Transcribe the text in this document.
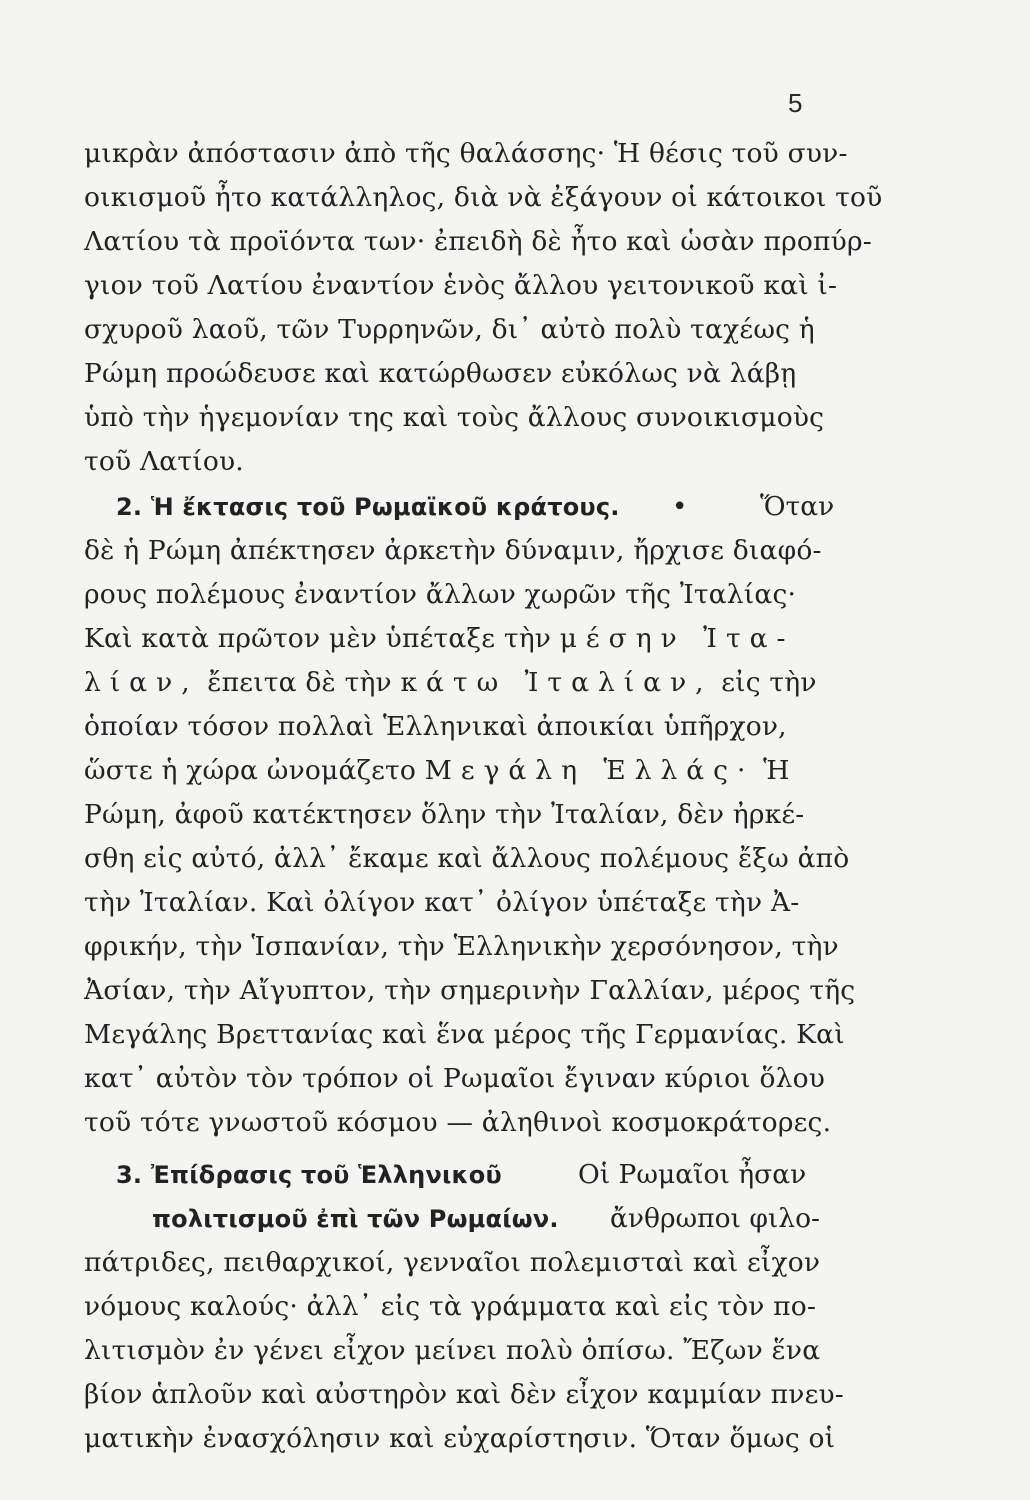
5
μικρὰν ἀπόστασιν ἀπὸ τῆς θαλάσσης· Ἡ θέσις τοῦ συν-
οικισμοῦ ἦτο κατάλληλος, διὰ νὰ ἐξάγουν οἱ κάτοικοι τοῦ
Λατίου τὰ προϊόντα των· ἐπειδὴ δὲ ἦτο καὶ ὡσὰν προπύρ-
γιον τοῦ Λατίου ἐναντίον ἑνὸς ἄλλου γειτονικοῦ καὶ ἰ-
σχυροῦ λαοῦ, τῶν Τυρρηνῶν, δι᾽ αὐτὸ πολὺ ταχέως ἡ
Ρώμη προώδευσε καὶ κατώρθωσεν εὐκόλως νὰ λάβῃ
ὑπὸ τὴν ἡγεμονίαν της καὶ τοὺς ἄλλους συνοικισμοὺς
τοῦ Λατίου.
2. Ἡ ἔκτασις τοῦ Ρωμαϊκοῦ κράτους.	•	Ὅταν
δὲ ἡ Ρώμη ἀπέκτησεν ἀρκετὴν δύναμιν, ἤρχισε διαφό-
ρους πολέμους ἐναντίον ἄλλων χωρῶν τῆς Ἰταλίας·
Καὶ κατὰ πρῶτον μὲν ὑπέταξε τὴν μέσην Ἰτα-
λίαν, ἔπειτα δὲ τὴν κάτω Ἰταλίαν, εἰς τὴν
ὁποίαν τόσον πολλαὶ Ἑλληνικαὶ ἀποικίαι ὑπῆρχον,
ὥστε ἡ χώρα ὠνομάζετο Μεγάλη Ἑλλάς· Ἡ
Ρώμη, ἀφοῦ κατέκτησεν ὅλην τὴν Ἰταλίαν, δὲν ἠρκέ-
σθη εἰς αὐτό, ἀλλ᾽ ἔκαμε καὶ ἄλλους πολέμους ἔξω ἀπὸ
τὴν Ἰταλίαν. Καὶ ὀλίγον κατ᾽ ὀλίγον ὑπέταξε τὴν Ἀ-
φρικήν, τὴν Ἱσπανίαν, τὴν Ἑλληνικὴν χερσόνησον, τὴν
Ἀσίαν, τὴν Αἴγυπτον, τὴν σημερινὴν Γαλλίαν, μέρος τῆς
Μεγάλης Βρεττανίας καὶ ἕνα μέρος τῆς Γερμανίας. Καὶ
κατ᾽ αὐτὸν τὸν τρόπον οἱ Ρωμαῖοι ἔγιναν κύριοι ὅλου
τοῦ τότε γνωστοῦ κόσμου — ἀληθινοὶ κοσμοκράτορες.
3. Ἐπίδρασις τοῦ Ἑλληνικοῦ	Οἱ Ρωμαῖοι ἦσαν
πολιτισμοῦ ἐπὶ τῶν Ρωμαίων.	ἄνθρωποι φιλο-
πάτριδες, πειθαρχικοί, γενναῖοι πολεμισταὶ καὶ εἶχον
νόμους καλούς· ἀλλ᾽ εἰς τὰ γράμματα καὶ εἰς τὸν πο-
λιτισμὸν ἐν γένει εἶχον μείνει πολὺ ὀπίσω. Ἔζων ἕνα
βίον ἁπλοῦν καὶ αὐστηρὸν καὶ δὲν εἶχον καμμίαν πνευ-
ματικὴν ἐνασχόλησιν καὶ εὐχαρίστησιν. Ὅταν ὅμως οἱ
